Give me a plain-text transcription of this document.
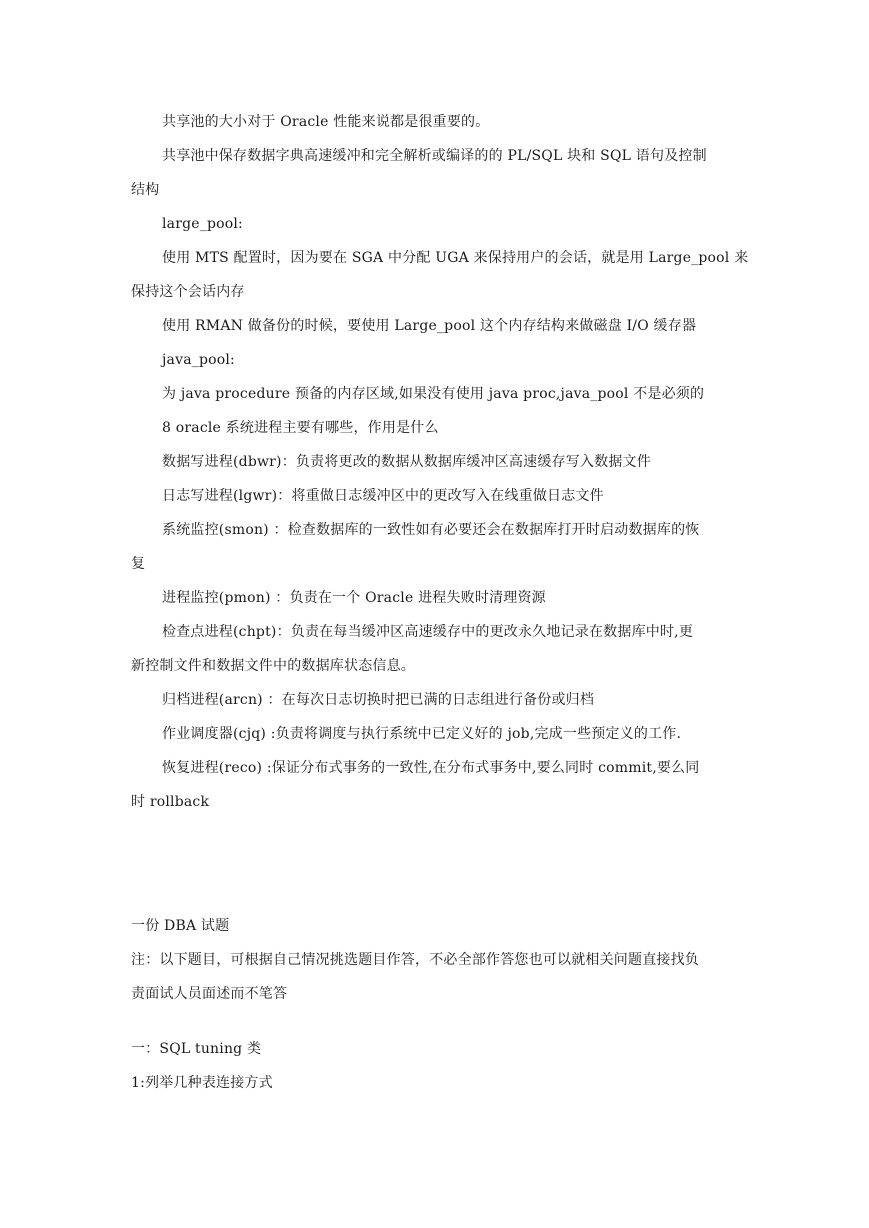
共享池的大小对于 Oracle 性能来说都是很重要的。
共享池中保存数据字典高速缓冲和完全解析或编译的的 PL/SQL 块和 SQL 语句及控制
结构
large_pool:
使用 MTS 配置时，因为要在 SGA 中分配 UGA 来保持用户的会话，就是用 Large_pool 来
保持这个会话内存
使用 RMAN 做备份的时候，要使用 Large_pool 这个内存结构来做磁盘 I/O 缓存器
java_pool:
为 java procedure 预备的内存区域,如果没有使用 java proc,java_pool 不是必须的
8 oracle 系统进程主要有哪些，作用是什么
数据写进程(dbwr)：负责将更改的数据从数据库缓冲区高速缓存写入数据文件
日志写进程(lgwr)：将重做日志缓冲区中的更改写入在线重做日志文件
系统监控(smon) ：检查数据库的一致性如有必要还会在数据库打开时启动数据库的恢
复
进程监控(pmon) ：负责在一个 Oracle 进程失败时清理资源
检查点进程(chpt)：负责在每当缓冲区高速缓存中的更改永久地记录在数据库中时,更
新控制文件和数据文件中的数据库状态信息。
归档进程(arcn) ：在每次日志切换时把已满的日志组进行备份或归档
作业调度器(cjq) :负责将调度与执行系统中已定义好的 job,完成一些预定义的工作.
恢复进程(reco) :保证分布式事务的一致性,在分布式事务中,要么同时 commit,要么同
时 rollback
一份 DBA 试题
注：以下题目，可根据自己情况挑选题目作答，不必全部作答您也可以就相关问题直接找负
责面试人员面述而不笔答
一：SQL tuning 类
1:列举几种表连接方式
